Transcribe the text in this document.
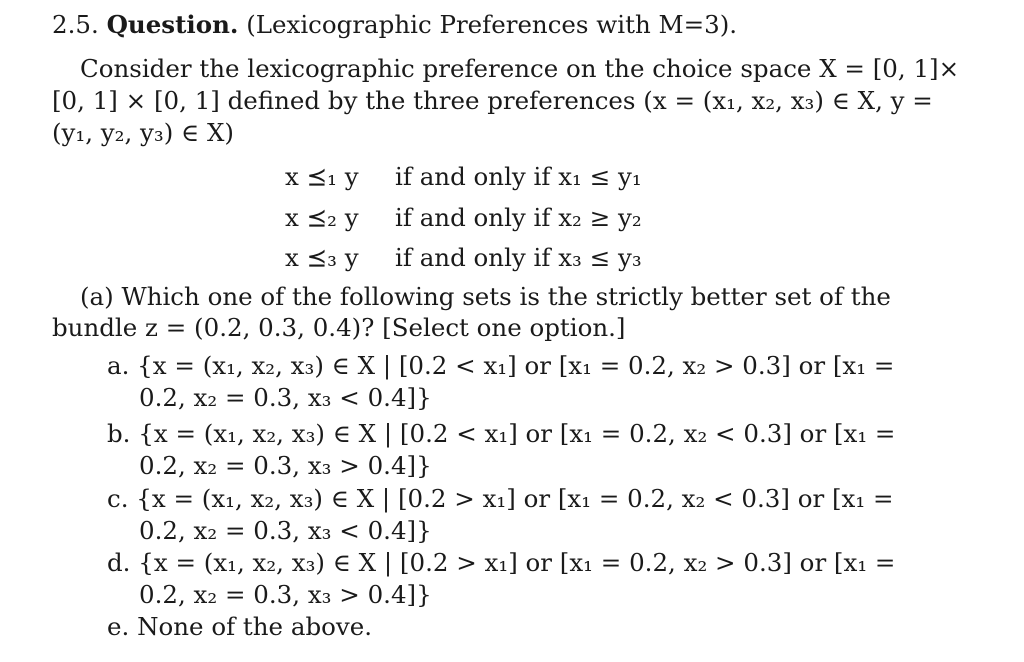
2.5. Question. (Lexicographic Preferences with M=3).
Consider the lexicographic preference on the choice space X = [0, 1]×
[0, 1] × [0, 1] defined by the three preferences (x = (x₁, x₂, x₃) ∈ X, y =
(y₁, y₂, y₃) ∈ X)
x ⪯₁ y if and only if x₁ ≤ y₁
x ⪯₂ y if and only if x₂ ≥ y₂
x ⪯₃ y if and only if x₃ ≤ y₃
(a) Which one of the following sets is the strictly better set of the
bundle z = (0.2, 0.3, 0.4)? [Select one option.]
a. {x = (x₁, x₂, x₃) ∈ X | [0.2 < x₁] or [x₁ = 0.2, x₂ > 0.3] or [x₁ =
0.2, x₂ = 0.3, x₃ < 0.4]}
b. {x = (x₁, x₂, x₃) ∈ X | [0.2 < x₁] or [x₁ = 0.2, x₂ < 0.3] or [x₁ =
0.2, x₂ = 0.3, x₃ > 0.4]}
c. {x = (x₁, x₂, x₃) ∈ X | [0.2 > x₁] or [x₁ = 0.2, x₂ < 0.3] or [x₁ =
0.2, x₂ = 0.3, x₃ < 0.4]}
d. {x = (x₁, x₂, x₃) ∈ X | [0.2 > x₁] or [x₁ = 0.2, x₂ > 0.3] or [x₁ =
0.2, x₂ = 0.3, x₃ > 0.4]}
e. None of the above.
